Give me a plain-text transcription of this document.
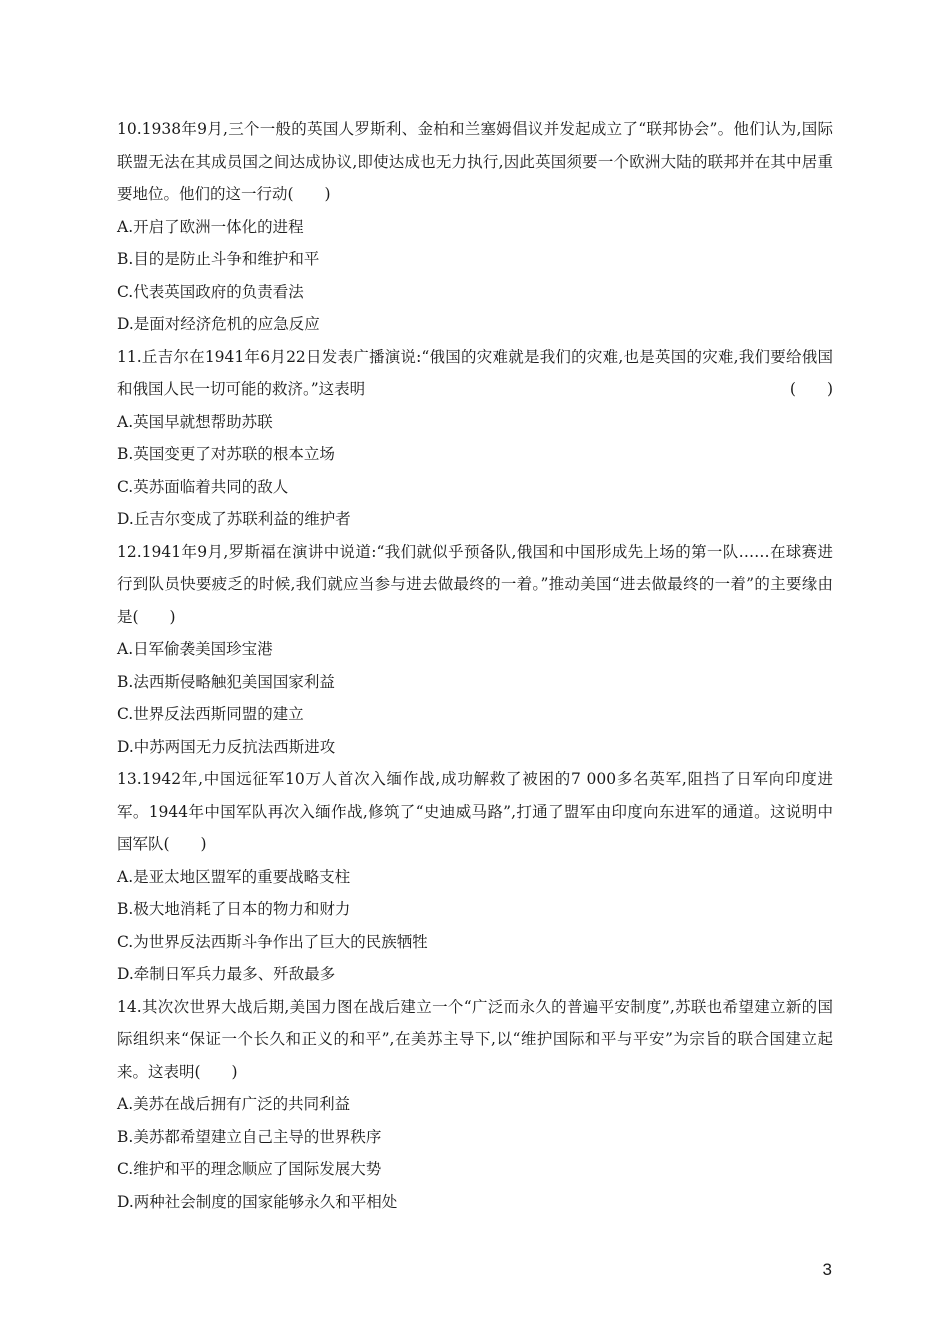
10.1938年9月,三个一般的英国人罗斯利、金柏和兰塞姆倡议并发起成立了“联邦协会”。他们认为,国际联盟无法在其成员国之间达成协议,即使达成也无力执行,因此英国须要一个欧洲大陆的联邦并在其中居重要地位。他们的这一行动(　　)

A.开启了欧洲一体化的进程

B.目的是防止斗争和维护和平

C.代表英国政府的负责看法

D.是面对经济危机的应急反应

11.丘吉尔在1941年6月22日发表广播演说:“俄国的灾难就是我们的灾难,也是英国的灾难,我们要给俄国和俄国人民一切可能的救济。”这表明	(　　)

A.英国早就想帮助苏联

B.英国变更了对苏联的根本立场

C.英苏面临着共同的敌人

D.丘吉尔变成了苏联利益的维护者

12.1941年9月,罗斯福在演讲中说道:“我们就似乎预备队,俄国和中国形成先上场的第一队……在球赛进行到队员快要疲乏的时候,我们就应当参与进去做最终的一着。”推动美国“进去做最终的一着”的主要缘由是(　　)

A.日军偷袭美国珍宝港

B.法西斯侵略触犯美国国家利益

C.世界反法西斯同盟的建立

D.中苏两国无力反抗法西斯进攻

13.1942年,中国远征军10万人首次入缅作战,成功解救了被困的7 000多名英军,阻挡了日军向印度进军。1944年中国军队再次入缅作战,修筑了“史迪威马路”,打通了盟军由印度向东进军的通道。这说明中国军队(　　)

A.是亚太地区盟军的重要战略支柱

B.极大地消耗了日本的物力和财力

C.为世界反法西斯斗争作出了巨大的民族牺牲

D.牵制日军兵力最多、歼敌最多

14.其次次世界大战后期,美国力图在战后建立一个“广泛而永久的普遍平安制度”,苏联也希望建立新的国际组织来“保证一个长久和正义的和平”,在美苏主导下,以“维护国际和平与平安”为宗旨的联合国建立起来。这表明(　　)

A.美苏在战后拥有广泛的共同利益

B.美苏都希望建立自己主导的世界秩序

C.维护和平的理念顺应了国际发展大势

D.两种社会制度的国家能够永久和平相处

3
